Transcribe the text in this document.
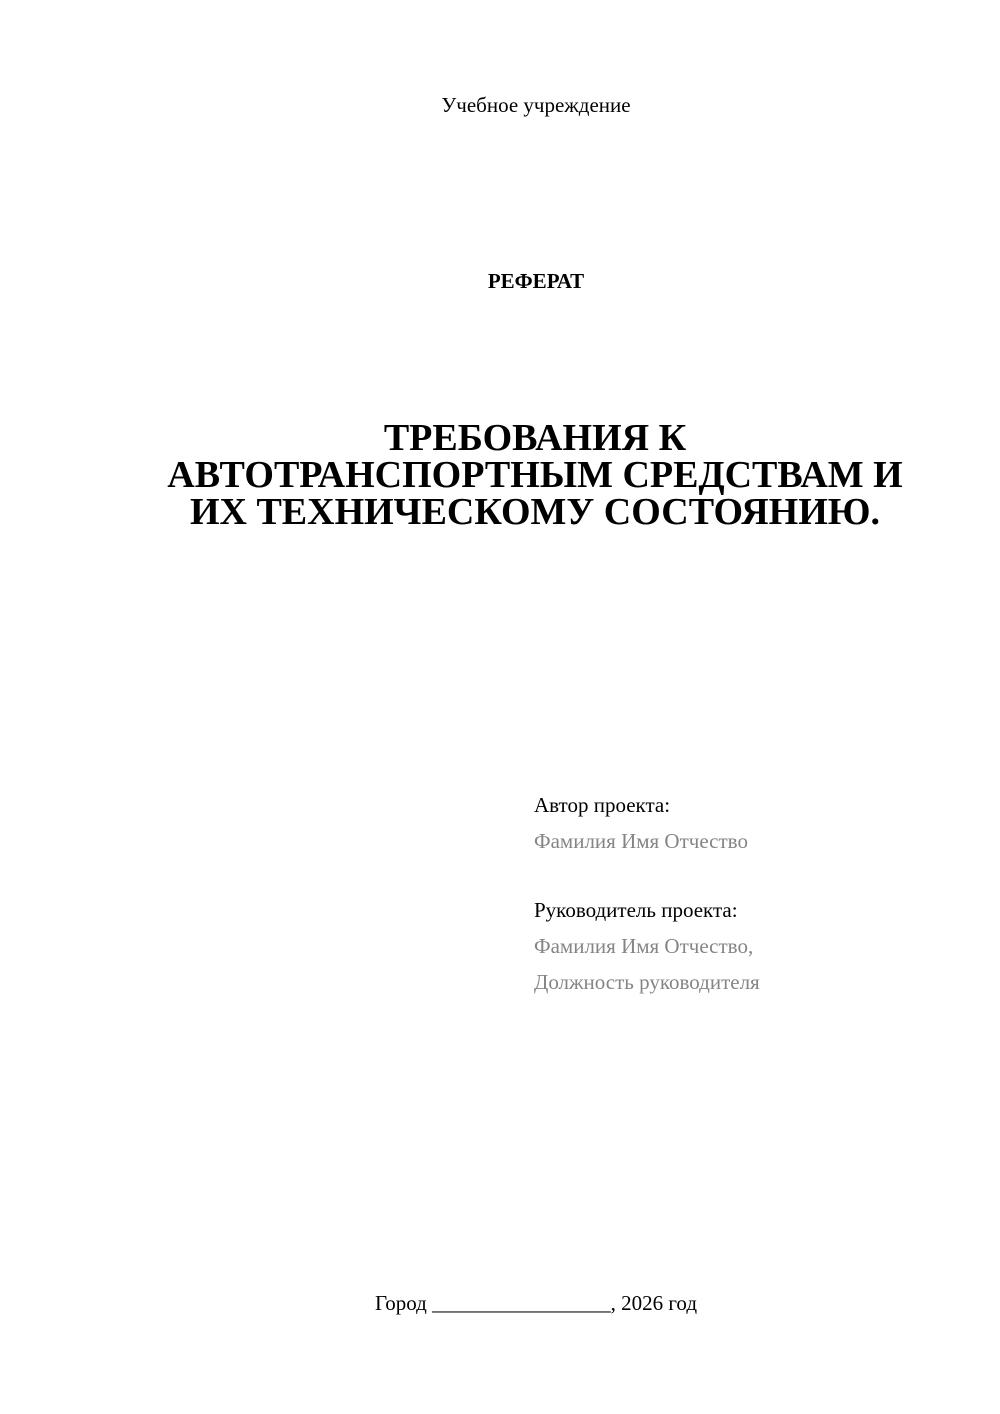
Учебное учреждение
РЕФЕРАТ
ТРЕБОВАНИЯ К
АВТОТРАНСПОРТНЫМ СРЕДСТВАМ И
ИХ ТЕХНИЧЕСКОМУ СОСТОЯНИЮ.
Автор проекта:
Фамилия Имя Отчество
Руководитель проекта:
Фамилия Имя Отчество,
Должность руководителя
Город _________________, 2026 год
